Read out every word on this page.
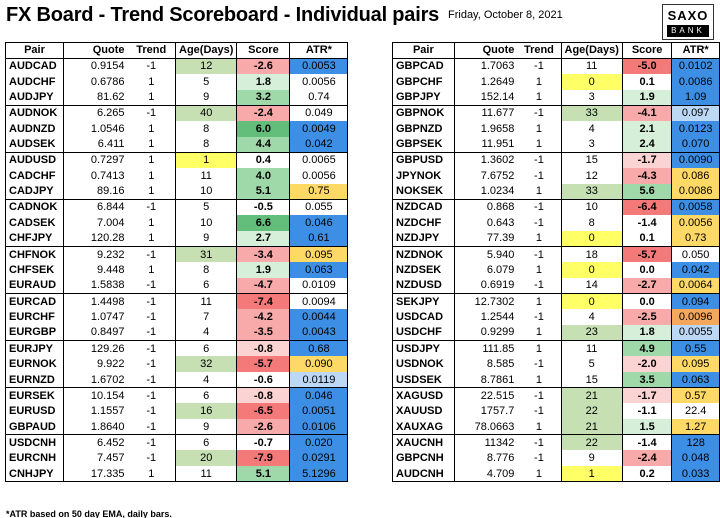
FX Board - Trend Scoreboard - Individual pairs Friday, October 8, 2021	SAXO
BANK
Pair	Quote	Trend	Age(Days)	Score	ATR*
AUDCAD	0.9154	-1	12	-2.6	0.0053
AUDCHF	0.6786	1	5	1.8	0.0056
AUDJPY	81.62	1	9	3.2	0.74
AUDNOK	6.265	-1	40	-2.4	0.049
AUDNZD	1.0546	1	8	6.0	0.0049
AUDSEK	6.411	1	8	4.4	0.042
AUDUSD	0.7297	1	1	0.4	0.0065
CADCHF	0.7413	1	11	4.0	0.0056
CADJPY	89.16	1	10	5.1	0.75
CADNOK	6.844	-1	5	-0.5	0.055
CADSEK	7.004	1	10	6.6	0.046
CHFJPY	120.28	1	9	2.7	0.61
CHFNOK	9.232	-1	31	-3.4	0.095
CHFSEK	9.448	1	8	1.9	0.063
EURAUD	1.5838	-1	6	-4.7	0.0109
EURCAD	1.4498	-1	11	-7.4	0.0094
EURCHF	1.0747	-1	7	-4.2	0.0044
EURGBP	0.8497	-1	4	-3.5	0.0043
EURJPY	129.26	-1	6	-0.8	0.68
EURNOK	9.922	-1	32	-5.7	0.090
EURNZD	1.6702	-1	4	-0.6	0.0119
EURSEK	10.154	-1	6	-0.8	0.046
EURUSD	1.1557	-1	16	-6.5	0.0051
GBPAUD	1.8640	-1	9	-2.6	0.0106
USDCNH	6.452	-1	6	-0.7	0.020
EURCNH	7.457	-1	20	-7.9	0.0291
CNHJPY	17.335	1	11	5.1	5.1296
Pair	Quote	Trend	Age(Days)	Score	ATR*
GBPCAD	1.7063	-1	11	-5.0	0.0102
GBPCHF	1.2649	1	0	0.1	0.0086
GBPJPY	152.14	1	3	1.9	1.09
GBPNOK	11.677	-1	33	-4.1	0.097
GBPNZD	1.9658	1	4	2.1	0.0123
GBPSEK	11.951	1	3	2.4	0.070
GBPUSD	1.3602	-1	15	-1.7	0.0090
JPYNOK	7.6752	-1	12	-4.3	0.086
NOKSEK	1.0234	1	33	5.6	0.0086
NZDCAD	0.868	-1	10	-6.4	0.0058
NZDCHF	0.643	-1	8	-1.4	0.0056
NZDJPY	77.39	1	0	0.1	0.73
NZDNOK	5.940	-1	18	-5.7	0.050
NZDSEK	6.079	1	0	0.0	0.042
NZDUSD	0.6919	-1	14	-2.7	0.0064
SEKJPY	12.7302	1	0	0.0	0.094
USDCAD	1.2544	-1	4	-2.5	0.0096
USDCHF	0.9299	1	23	1.8	0.0055
USDJPY	111.85	1	11	4.9	0.55
USDNOK	8.585	-1	5	-2.0	0.095
USDSEK	8.7861	1	15	3.5	0.063
XAGUSD	22.515	-1	21	-1.7	0.57
XAUUSD	1757.7	-1	22	-1.1	22.4
XAUXAG	78.0663	1	21	1.5	1.27
XAUCNH	11342	-1	22	-1.4	128
GBPCNH	8.776	-1	9	-2.4	0.048
AUDCNH	4.709	1	1	0.2	0.033
*ATR based on 50 day EMA, daily bars.
